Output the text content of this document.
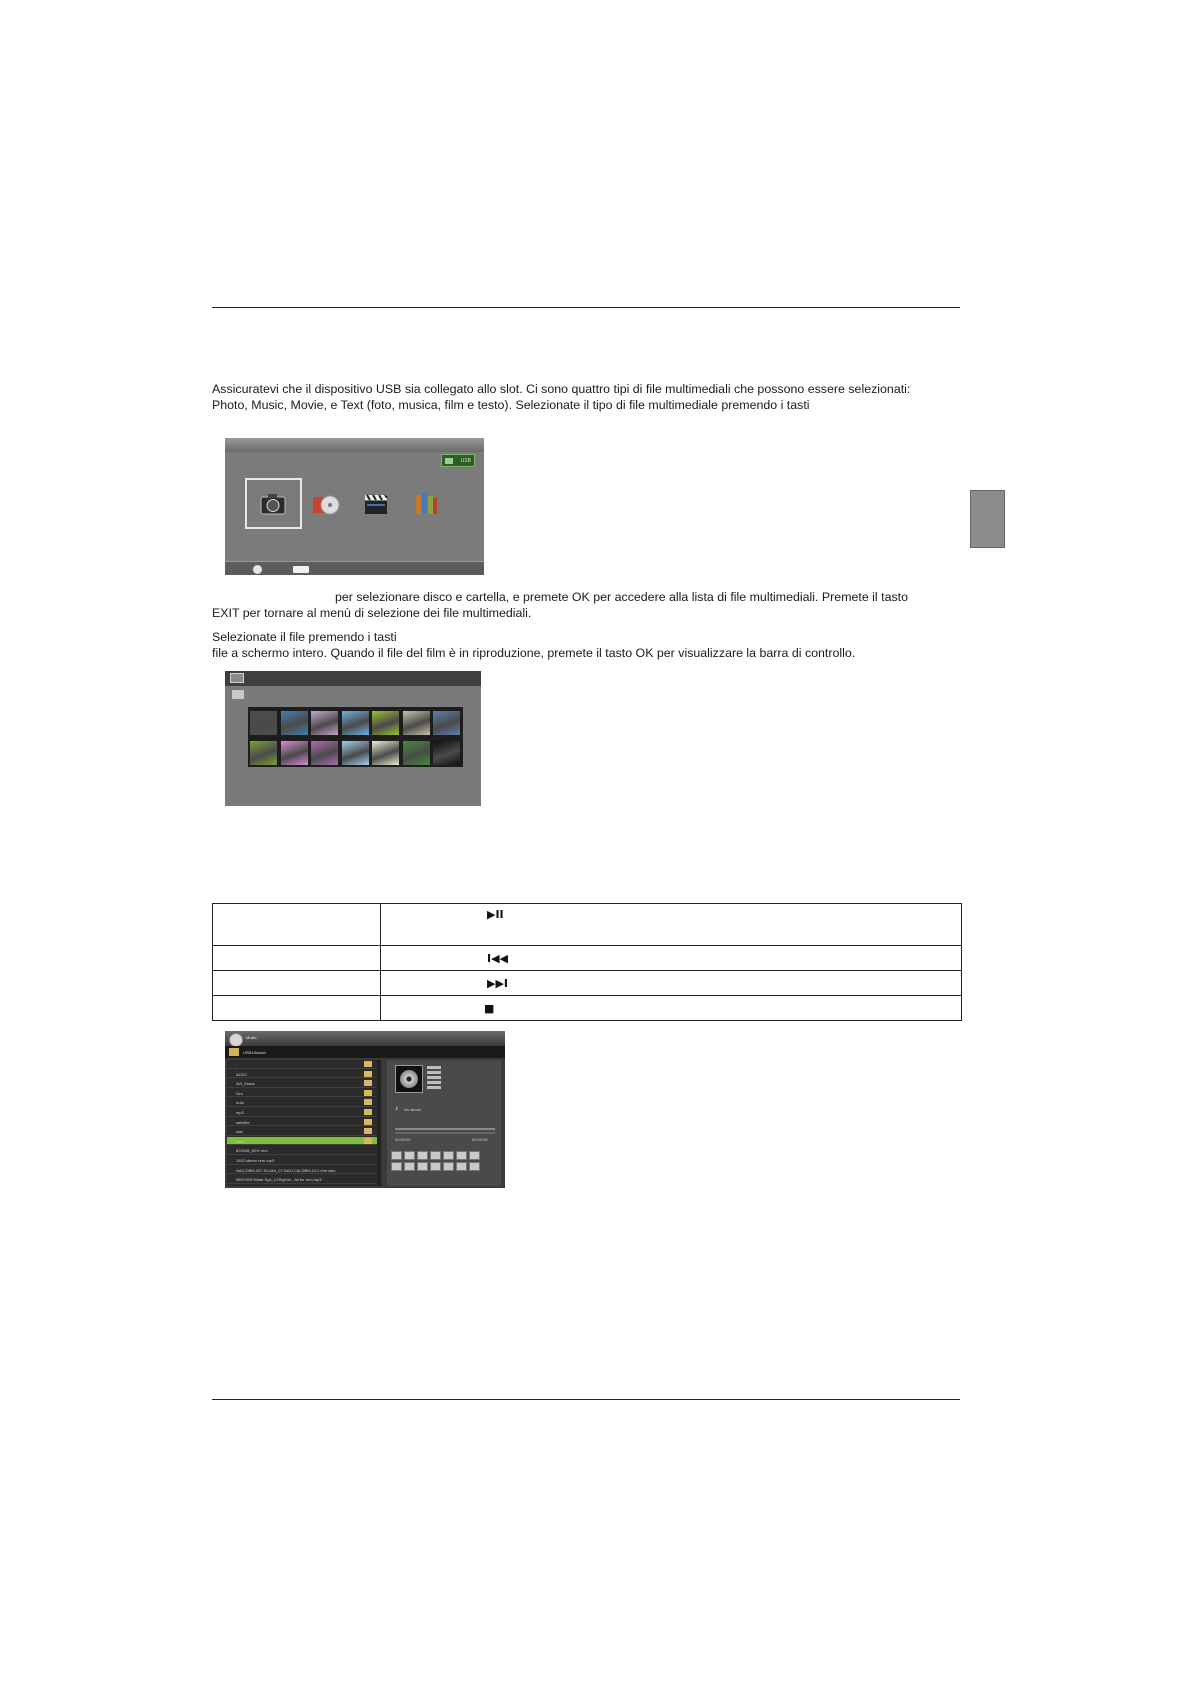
Assicuratevi che il dispositivo USB sia collegato allo slot. Ci sono quattro tipi di file multimediali che possono essere selezionati:

Photo, Music, Movie, e Text (foto, musica, film e testo). Selezionate il tipo di file multimediale premendo i tasti

USB

per selezionare disco e cartella, e premete OK per accedere alla lista di file multimediali. Premete il tasto

EXIT per tornare al menù di selezione dei file multimediali.

Selezionate il file premendo i tasti

file a schermo intero. Quando il file del film è in riproduzione, premete il tasto OK per visualizzare la barra di controllo.

▶II
I◀◀
▶▶I
■
Music
USB1/Music/
..
ACDC
AVI_Music
f1m
m4a
mp3
satellite
wav
wma
622045_62% rem
1922 stereo rem.mp3
NAO-DBH-007-Sh-MA_07-NAO-Ctrl-DBH-44.1 rem.wav
MMY429+Mate-Syd_2-Rhythm - All for rem.mp3
♪	No album
00:00:00	00:00:00
